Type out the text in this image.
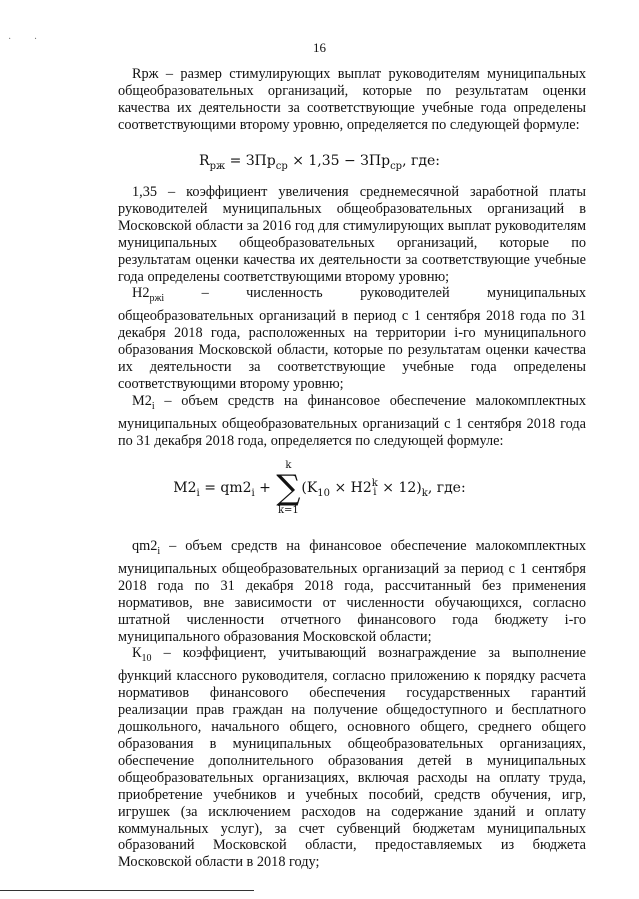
· ·
16

Rрж – размер стимулирующих выплат руководителям муниципальных общеобразовательных организаций, которые по результатам оценки качества их деятельности за соответствующие учебные года определены соответствующими второму уровню, определяется по следующей формуле:

$R_{рж} = ЗПр_{ср} \times 1,35 - ЗПр_{ср}$, где:

1,35 – коэффициент увеличения среднемесячной заработной платы руководителей муниципальных общеобразовательных организаций в Московской области за 2016 год для стимулирующих выплат руководителям муниципальных общеобразовательных организаций, которые по результатам оценки качества их деятельности за соответствующие учебные года определены соответствующими второму уровню;

$Н2_{ржi}$ – численность руководителей муниципальных общеобразовательных организаций в период с 1 сентября 2018 года по 31 декабря 2018 года, расположенных на территории i-го муниципального образования Московской области, которые по результатам оценки качества их деятельности за соответствующие учебные года определены соответствующими второму уровню;

$М2_i$ – объем средств на финансовое обеспечение малокомплектных муниципальных общеобразовательных организаций с 1 сентября 2018 года по 31 декабря 2018 года, определяется по следующей формуле:

$M2_i = qm2_i$ +
k
∑
k=1
($K_{10} \times H2$ k
$i \times 12)_k$, где:

$qm2_i$ – объем средств на финансовое обеспечение малокомплектных муниципальных общеобразовательных организаций за период с 1 сентября 2018 года по 31 декабря 2018 года, рассчитанный без применения нормативов, вне зависимости от численности обучающихся, согласно штатной численности отчетного финансового года бюджету i-го муниципального образования Московской области;

$К_{10}$ – коэффициент, учитывающий вознаграждение за выполнение функций классного руководителя, согласно приложению к порядку расчета нормативов финансового обеспечения государственных гарантий реализации прав граждан на получение общедоступного и бесплатного дошкольного, начального общего, основного общего, среднего общего образования в муниципальных общеобразовательных организациях, обеспечение дополнительного образования детей в муниципальных общеобразовательных организациях, включая расходы на оплату труда, приобретение учебников и учебных пособий, средств обучения, игр, игрушек (за исключением расходов на содержание зданий и оплату коммунальных услуг), за счет субвенций бюджетам муниципальных образований Московской области, предоставляемых из бюджета Московской области в 2018 году;
